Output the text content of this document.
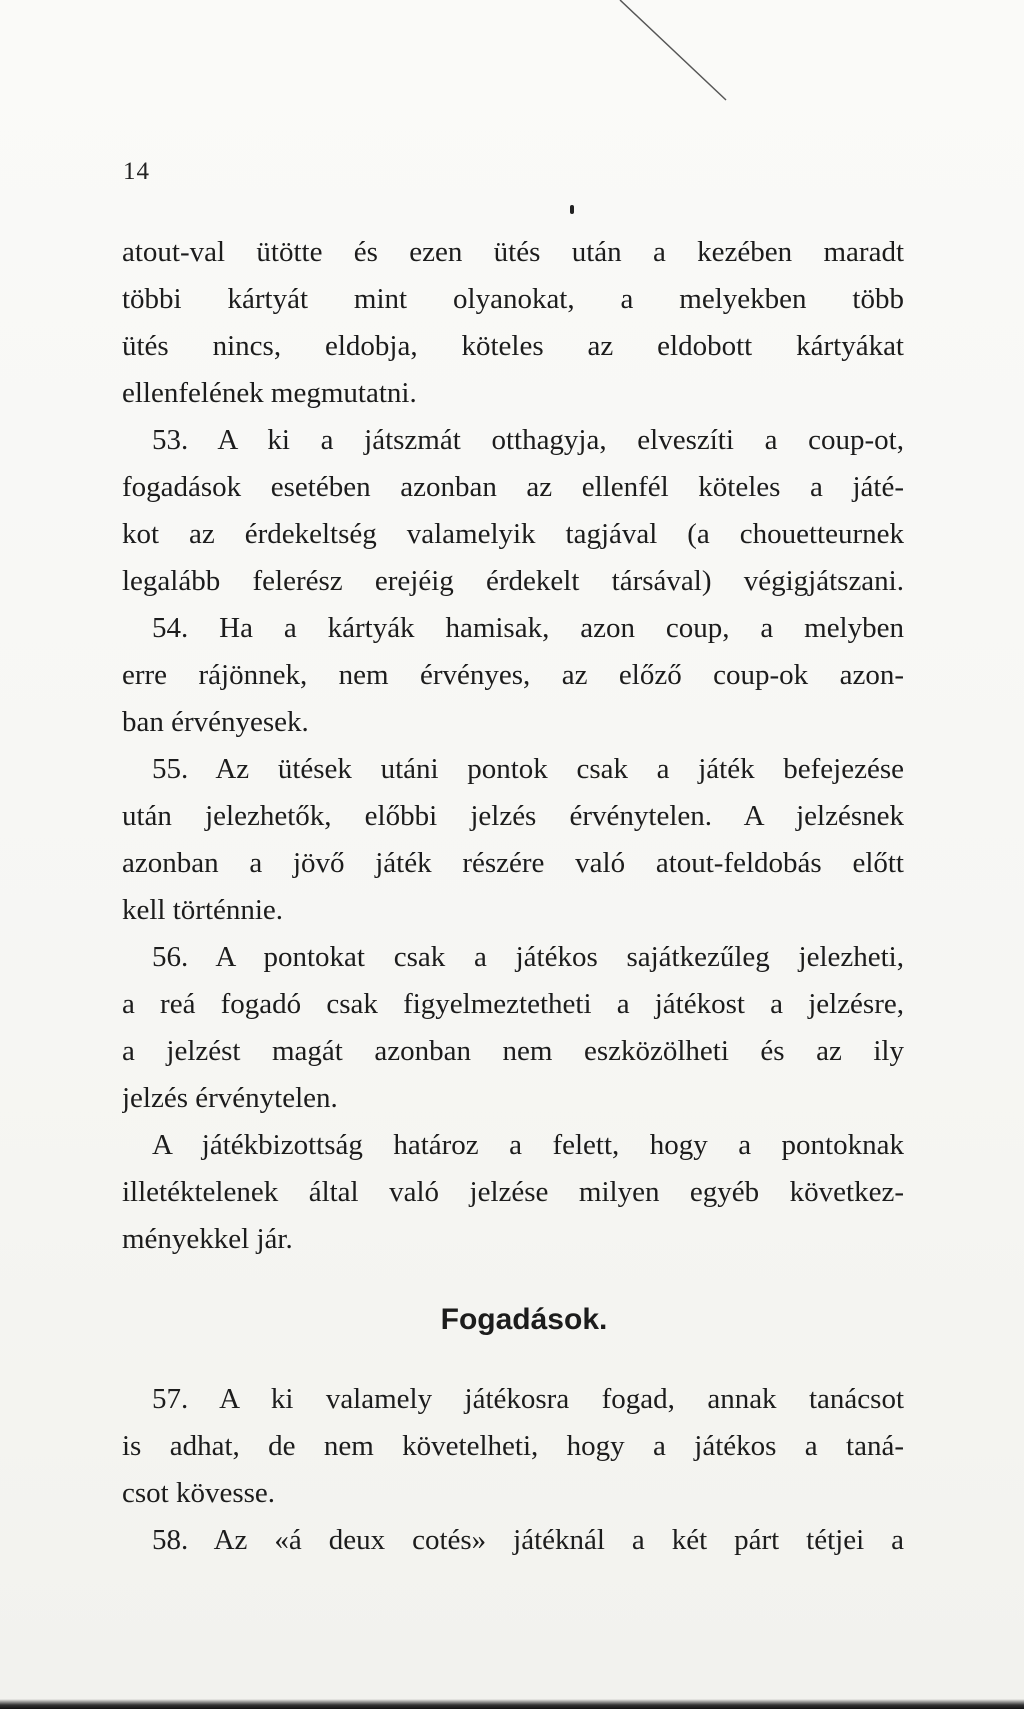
14
atout-val ütötte és ezen ütés után a kezében maradt
többi kártyát mint olyanokat, a melyekben több
ütés nincs, eldobja, köteles az eldobott kártyákat
ellenfelének megmutatni.
53. A ki a játszmát otthagyja, elveszíti a coup-ot,
fogadások esetében azonban az ellenfél köteles a játé-
kot az érdekeltség valamelyik tagjával (a chouetteurnek
legalább felerész erejéig érdekelt társával) végigjátszani.
54. Ha a kártyák hamisak, azon coup, a melyben
erre rájönnek, nem érvényes, az előző coup-ok azon-
ban érvényesek.
55. Az ütések utáni pontok csak a játék befejezése
után jelezhetők, előbbi jelzés érvénytelen. A jelzésnek
azonban a jövő játék részére való atout-feldobás előtt
kell történnie.
56. A pontokat csak a játékos sajátkezűleg jelezheti,
a reá fogadó csak figyelmeztetheti a játékost a jelzésre,
a jelzést magát azonban nem eszközölheti és az ily
jelzés érvénytelen.
A játékbizottság határoz a felett, hogy a pontoknak
illetéktelenek által való jelzése milyen egyéb következ-
ményekkel jár.
Fogadások.
57. A ki valamely játékosra fogad, annak tanácsot
is adhat, de nem követelheti, hogy a játékos a taná-
csot kövesse.
58. Az «á deux cotés» játéknál a két párt tétjei a
